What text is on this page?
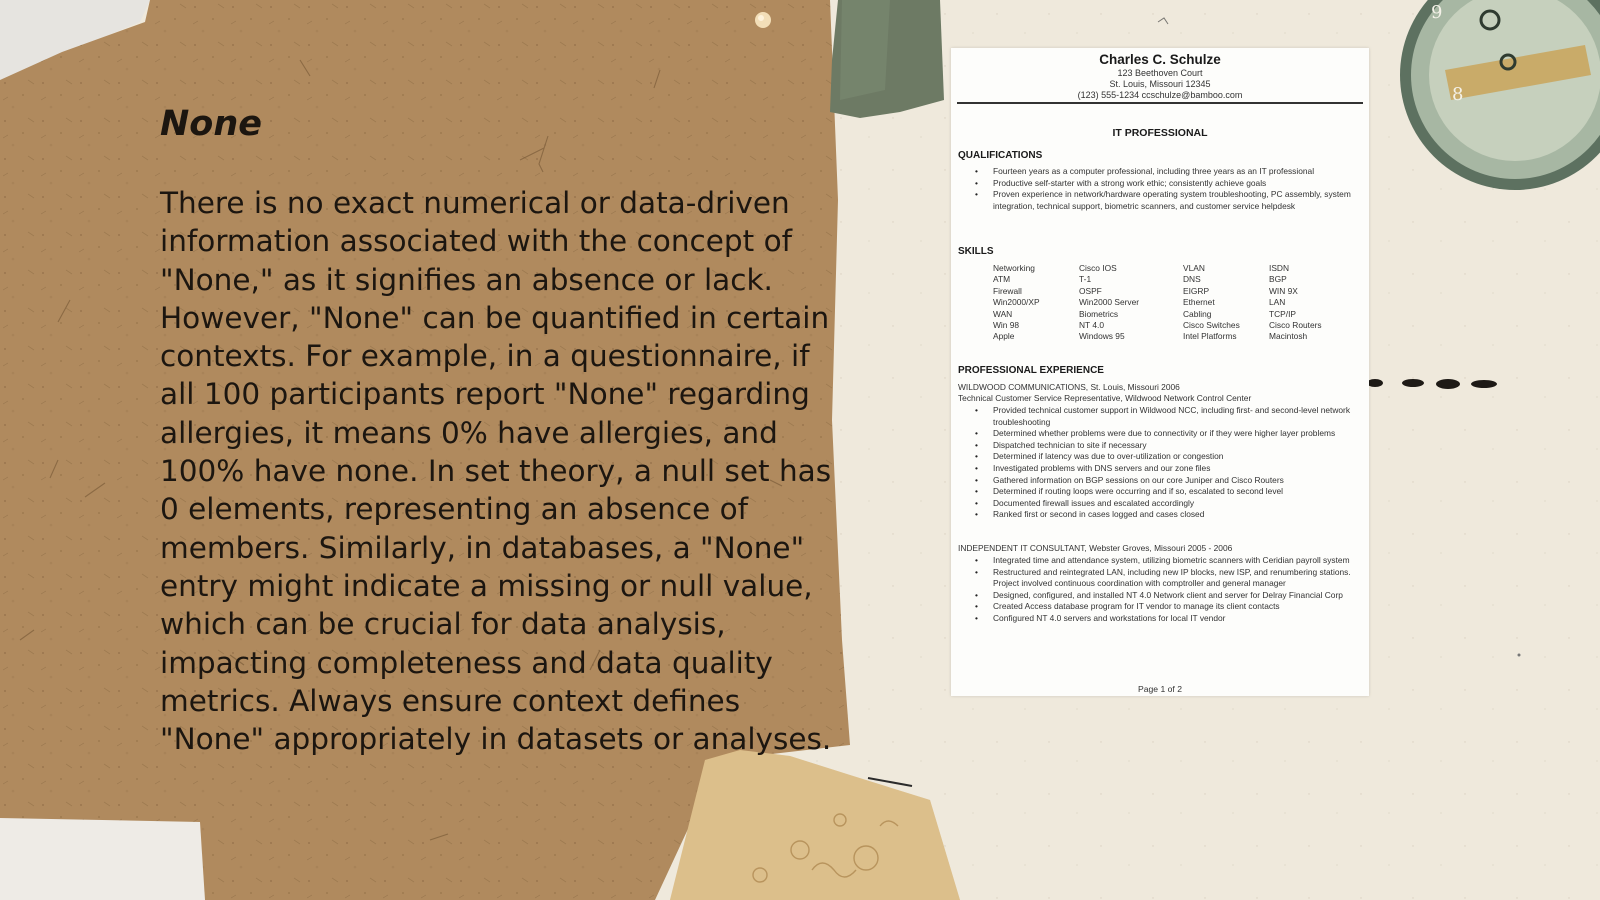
9
8
None

There is no exact numerical or data-driven information associated with the concept of "None," as it signifies an absence or lack. However, "None" can be quantified in certain contexts. For example, in a questionnaire, if all 100 participants report "None" regarding allergies, it means 0% have allergies, and 100% have none. In set theory, a null set has 0 elements, representing an absence of members. Similarly, in databases, a "None" entry might indicate a missing or null value, which can be crucial for data analysis, impacting completeness and data quality metrics. Always ensure context defines "None" appropriately in datasets or analyses.

Charles C. Schulze
123 Beethoven Court
St. Louis, Missouri 12345
(123) 555-1234 ccschulze@bamboo.com
IT PROFESSIONAL
QUALIFICATIONS
• Fourteen years as a computer professional, including three years as an IT professional
• Productive self-starter with a strong work ethic; consistently achieve goals
• Proven experience in network/hardware operating system troubleshooting, PC assembly, system integration, technical support, biometric scanners, and customer service helpdesk
SKILLS
Networking	Cisco IOS	VLAN	ISDN
ATM	T-1	DNS	BGP
Firewall	OSPF	EIGRP	WIN 9X
Win2000/XP	Win2000 Server	Ethernet	LAN
WAN	Biometrics	Cabling	TCP/IP
Win 98	NT 4.0	Cisco Switches	Cisco Routers
Apple	Windows 95	Intel Platforms	Macintosh
PROFESSIONAL EXPERIENCE
WILDWOOD COMMUNICATIONS, St. Louis, Missouri 2006
Technical Customer Service Representative, Wildwood Network Control Center
• Provided technical customer support in Wildwood NCC, including first- and second-level network troubleshooting
• Determined whether problems were due to connectivity or if they were higher layer problems
• Dispatched technician to site if necessary
• Determined if latency was due to over-utilization or congestion
• Investigated problems with DNS servers and our zone files
• Gathered information on BGP sessions on our core Juniper and Cisco Routers
• Determined if routing loops were occurring and if so, escalated to second level
• Documented firewall issues and escalated accordingly
• Ranked first or second in cases logged and cases closed
INDEPENDENT IT CONSULTANT, Webster Groves, Missouri 2005 - 2006
• Integrated time and attendance system, utilizing biometric scanners with Ceridian payroll system
• Restructured and reintegrated LAN, including new IP blocks, new ISP, and renumbering stations. Project involved continuous coordination with comptroller and general manager
• Designed, configured, and installed NT 4.0 Network client and server for Delray Financial Corp
• Created Access database program for IT vendor to manage its client contacts
• Configured NT 4.0 servers and workstations for local IT vendor
Page 1 of 2
